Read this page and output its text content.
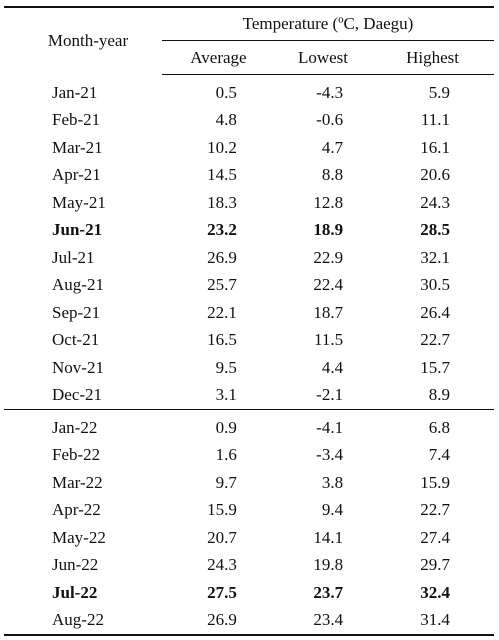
Month-year	Temperature (ºC, Daegu)		
	Average	Lowest	Highest
Jan-21	0.5	-4.3	5.9
Feb-21	4.8	-0.6	11.1
Mar-21	10.2	4.7	16.1
Apr-21	14.5	8.8	20.6
May-21	18.3	12.8	24.3
Jun-21	23.2	18.9	28.5
Jul-21	26.9	22.9	32.1
Aug-21	25.7	22.4	30.5
Sep-21	22.1	18.7	26.4
Oct-21	16.5	11.5	22.7
Nov-21	9.5	4.4	15.7
Dec-21	3.1	-2.1	8.9
Jan-22	0.9	-4.1	6.8
Feb-22	1.6	-3.4	7.4
Mar-22	9.7	3.8	15.9
Apr-22	15.9	9.4	22.7
May-22	20.7	14.1	27.4
Jun-22	24.3	19.8	29.7
Jul-22	27.5	23.7	32.4
Aug-22	26.9	23.4	31.4
